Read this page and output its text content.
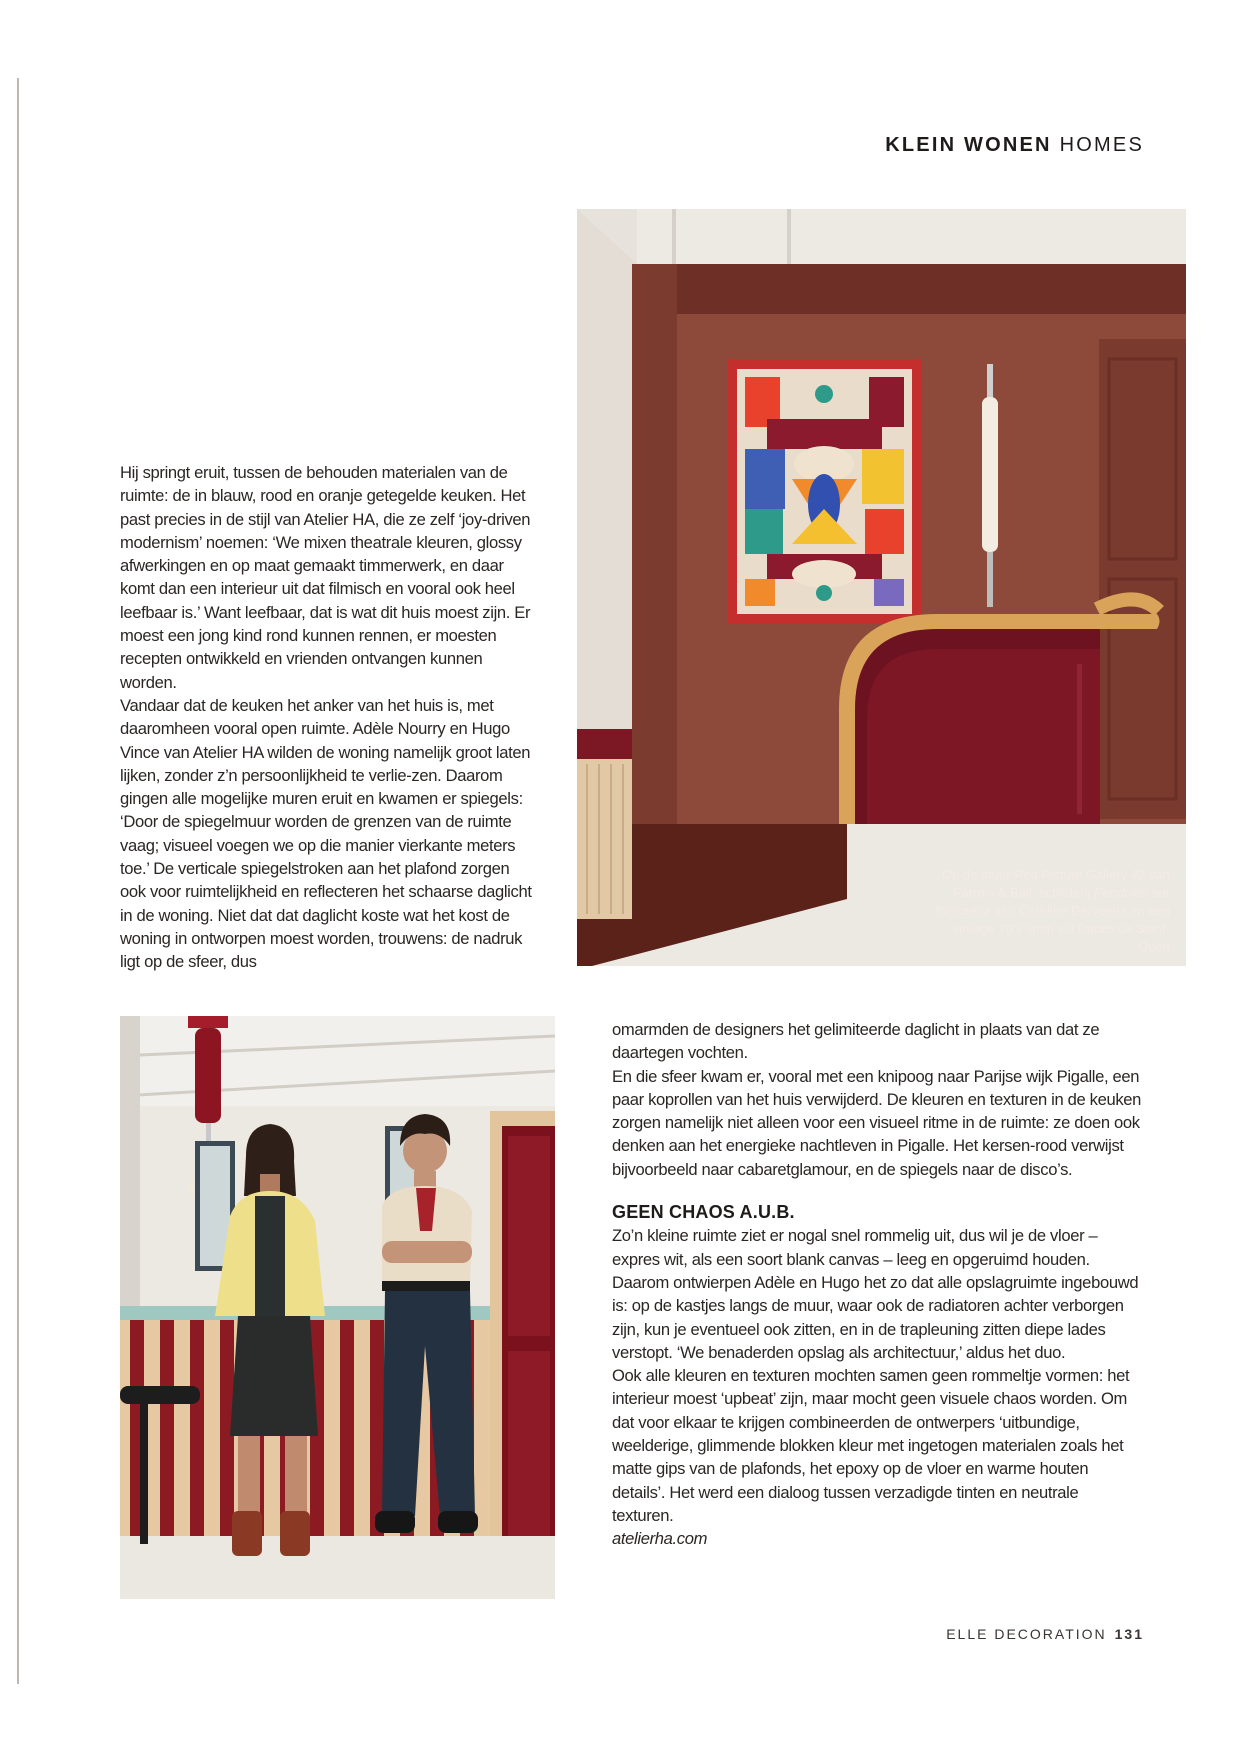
KLEIN WONEN HOMES
Op de muur Red Picture Gallery 42 van Farrow & Ball, schilderij Pendules sur faisceaux van Caroline Derveaux en een vintage 70’s lamp via Puces de Saint-Ouen

Hij springt eruit, tussen de behouden materialen van de ruimte: de in blauw, rood en oranje getegelde keuken. Het past precies in de stijl van Atelier HA, die ze zelf ‘joy-driven modernism’ noemen: ‘We mixen theatrale kleuren, glossy afwerkingen en op maat gemaakt timmerwerk, en daar komt dan een interieur uit dat filmisch en vooral ook heel leefbaar is.’ Want leefbaar, dat is wat dit huis moest zijn. Er moest een jong kind rond kunnen rennen, er moesten recepten ontwikkeld en vrienden ontvangen kunnen worden.

Vandaar dat de keuken het anker van het huis is, met daaromheen vooral open ruimte. Adèle Nourry en Hugo Vince van Atelier HA wilden de woning namelijk groot laten lijken, zonder z’n persoonlijkheid te verlie-zen. Daarom gingen alle mogelijke muren eruit en kwamen er spiegels: ‘Door de spiegelmuur worden de grenzen van de ruimte vaag; visueel voegen we op die manier vierkante meters toe.’ De verticale spiegelstroken aan het plafond zorgen ook voor ruimtelijkheid en reflecteren het schaarse daglicht in de woning. Niet dat dat daglicht koste wat het kost de woning in ontworpen moest worden, trouwens: de nadruk ligt op de sfeer, dus

omarmden de designers het gelimiteerde daglicht in plaats van dat ze daartegen vochten.

En die sfeer kwam er, vooral met een knipoog naar Parijse wijk Pigalle, een paar koprollen van het huis verwijderd. De kleuren en texturen in de keuken zorgen namelijk niet alleen voor een visueel ritme in de ruimte: ze doen ook denken aan het energieke nachtleven in Pigalle. Het kersen-rood verwijst bijvoorbeeld naar cabaretglamour, en de spiegels naar de disco’s.

GEEN CHAOS A.U.B.

Zo’n kleine ruimte ziet er nogal snel rommelig uit, dus wil je de vloer – expres wit, als een soort blank canvas – leeg en opgeruimd houden. Daarom ontwierpen Adèle en Hugo het zo dat alle opslagruimte ingebouwd is: op de kastjes langs de muur, waar ook de radiatoren achter verborgen zijn, kun je eventueel ook zitten, en in de trapleuning zitten diepe lades verstopt. ‘We benaderden opslag als architectuur,’ aldus het duo.

Ook alle kleuren en texturen mochten samen geen rommeltje vormen: het interieur moest ‘upbeat’ zijn, maar mocht geen visuele chaos worden. Om dat voor elkaar te krijgen combineerden de ontwerpers ‘uitbundige, weelderige, glimmende blokken kleur met ingetogen materialen zoals het matte gips van de plafonds, het epoxy op de vloer en warme houten details’. Het werd een dialoog tussen verzadigde tinten en neutrale texturen.

atelierha.com

ELLE DECORATION 131
